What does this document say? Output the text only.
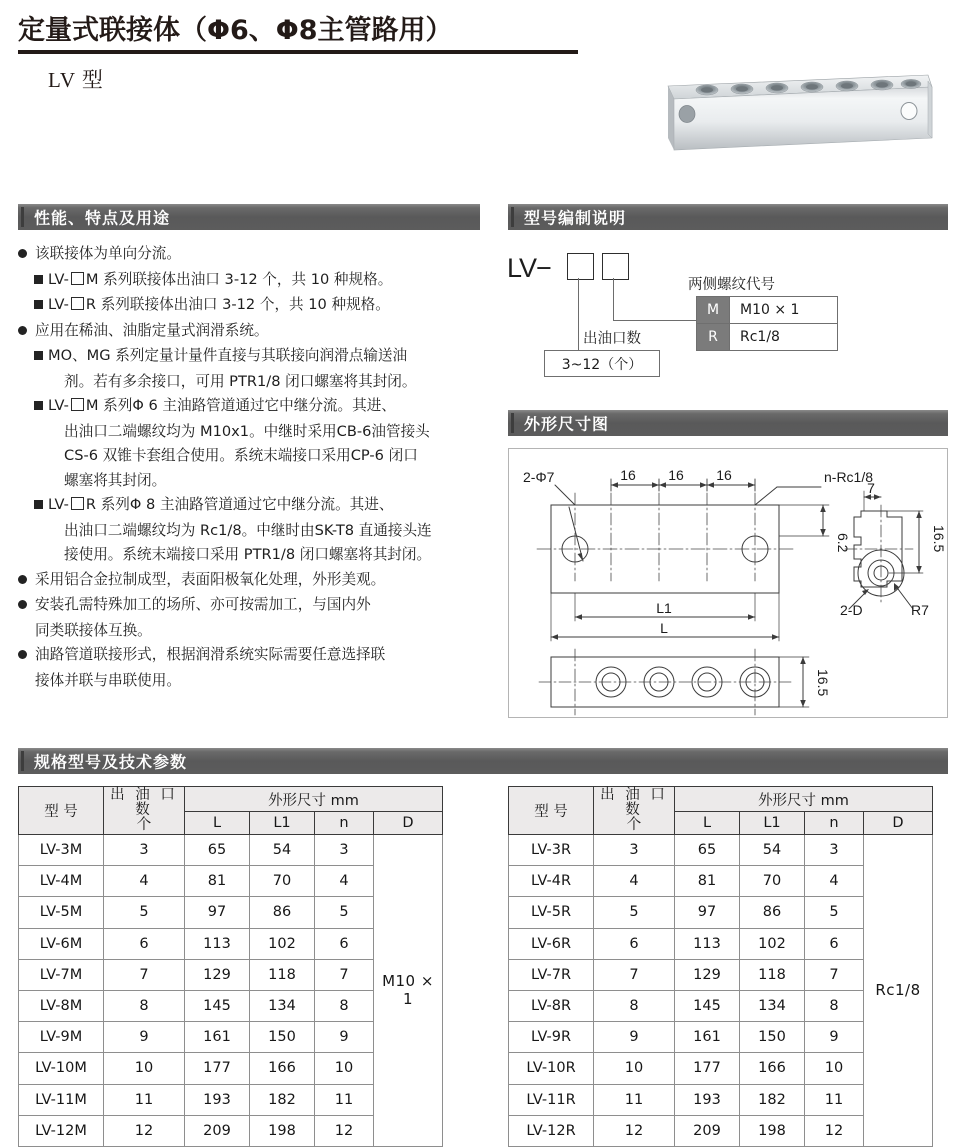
定量式联接体（Φ6、Φ8主管路用）
LV 型
性能、特点及用途
该联接体为单向分流。
LV- M 系列联接体出油口 3-12 个，共 10 种规格。
LV- R 系列联接体出油口 3-12 个，共 10 种规格。
应用在稀油、油脂定量式润滑系统。
MO、MG 系列定量计量件直接与其联接向润滑点输送油
剂。若有多余接口，可用 PTR1/8 闭口螺塞将其封闭。
LV- M 系列Φ 6 主油路管道通过它中继分流。其进、
出油口二端螺纹均为 M10x1。中继时采用CB-6油管接头
CS-6 双锥卡套组合使用。系统末端接口采用CP-6 闭口
螺塞将其封闭。
LV- R 系列Φ 8 主油路管道通过它中继分流。其进、
出油口二端螺纹均为 Rc1/8。中继时由SK-T8 直通接头连
接使用。系统末端接口采用 PTR1/8 闭口螺塞将其封闭。
采用铝合金拉制成型，表面阳极氧化处理，外形美观。
安装孔需特殊加工的场所、亦可按需加工，与国内外
同类联接体互换。
油路管道联接形式，根据润滑系统实际需要任意选择联
接体并联与串联使用。
型号编制说明
LV−
两侧螺纹代号
M	M10 × 1
R	Rc1/8
出油口数
3~12（个）
外形尺寸图
2-Φ7	16 16 16	n-Rc1/8
L1
L
7
2-D	R7
6.2
16.5
16.5
规格型号及技术参数
型 号	出 油 口 数
个	外形尺寸 mm			
		L	L1	n	D
LV-3M	3	65	54	3	M10 × 1
LV-4M	4	81	70	4	
LV-5M	5	97	86	5	
LV-6M	6	113	102	6	
LV-7M	7	129	118	7	
LV-8M	8	145	134	8	
LV-9M	9	161	150	9	
LV-10M	10	177	166	10	
LV-11M	11	193	182	11	
LV-12M	12	209	198	12	
型 号	出 油 口 数
个	外形尺寸 mm			
		L	L1	n	D
LV-3R	3	65	54	3	Rc1/8
LV-4R	4	81	70	4	
LV-5R	5	97	86	5	
LV-6R	6	113	102	6	
LV-7R	7	129	118	7	
LV-8R	8	145	134	8	
LV-9R	9	161	150	9	
LV-10R	10	177	166	10	
LV-11R	11	193	182	11	
LV-12R	12	209	198	12	
